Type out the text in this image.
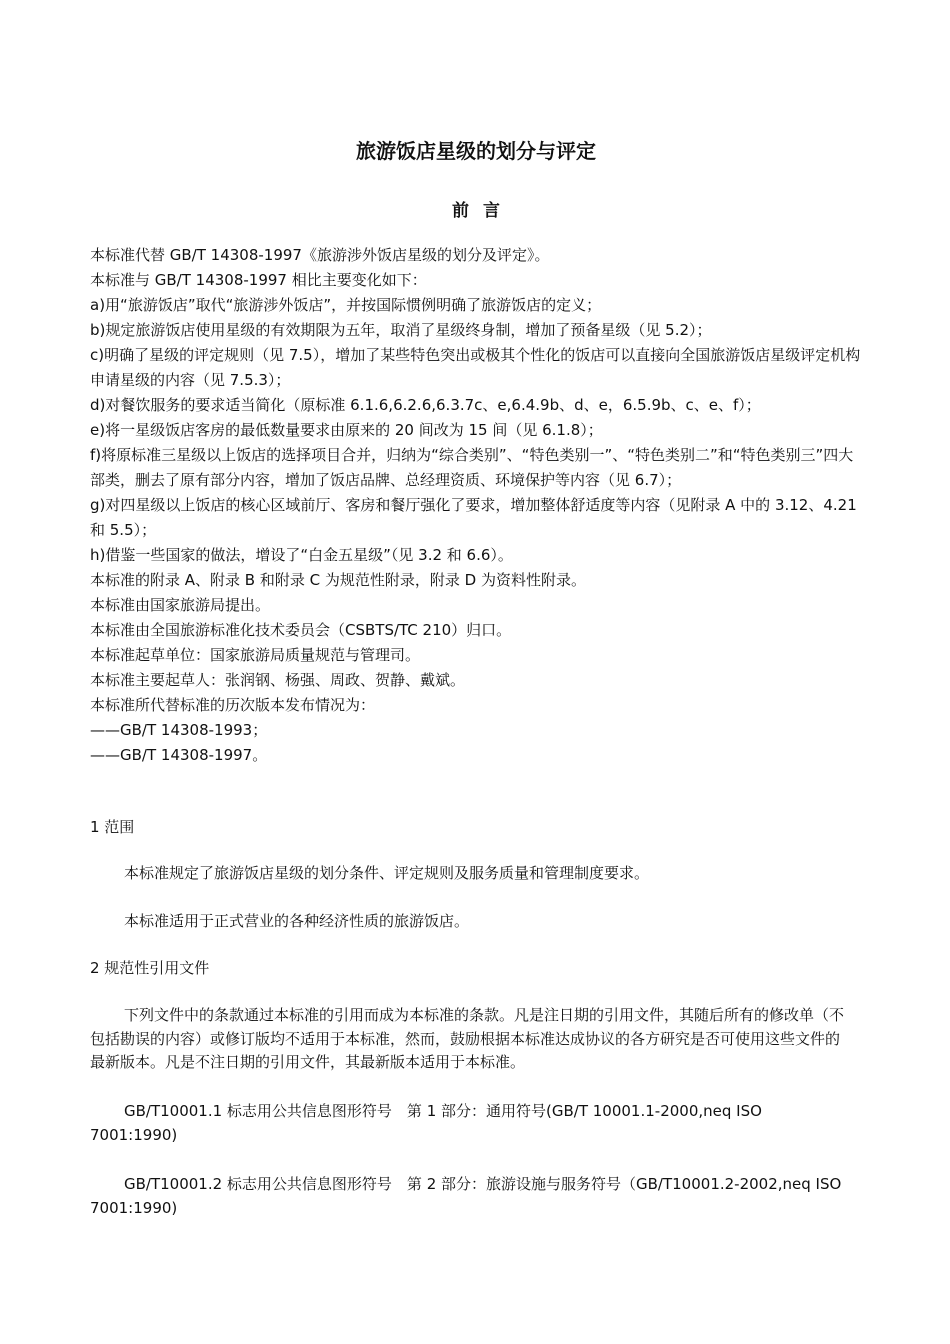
旅游饭店星级的划分与评定
前言

本标准代替 GB/T 14308-1997《旅游涉外饭店星级的划分及评定》。

本标准与 GB/T 14308-1997 相比主要变化如下：

a)用“旅游饭店”取代“旅游涉外饭店”，并按国际惯例明确了旅游饭店的定义；

b)规定旅游饭店使用星级的有效期限为五年，取消了星级终身制，增加了预备星级（见 5.2）；

c)明确了星级的评定规则（见 7.5），增加了某些特色突出或极其个性化的饭店可以直接向全国旅游饭店星级评定机构申请星级的内容（见 7.5.3）；

d)对餐饮服务的要求适当简化（原标准 6.1.6,6.2.6,6.3.7c、e,6.4.9b、d、e，6.5.9b、c、e、f）；

e)将一星级饭店客房的最低数量要求由原来的 20 间改为 15 间（见 6.1.8）；

f)将原标准三星级以上饭店的选择项目合并，归纳为“综合类别”、“特色类别一”、“特色类别二”和“特色类别三”四大部类，删去了原有部分内容，增加了饭店品牌、总经理资质、环境保护等内容（见 6.7）；

g)对四星级以上饭店的核心区域前厅、客房和餐厅强化了要求，增加整体舒适度等内容（见附录 A 中的 3.12、4.21 和 5.5）；

h)借鉴一些国家的做法，增设了“白金五星级”（见 3.2 和 6.6）。

本标准的附录 A、附录 B 和附录 C 为规范性附录，附录 D 为资料性附录。

本标准由国家旅游局提出。

本标准由全国旅游标准化技术委员会（CSBTS/TC 210）归口。

本标准起草单位：国家旅游局质量规范与管理司。

本标准主要起草人：张润钢、杨强、周政、贺静、戴斌。

本标准所代替标准的历次版本发布情况为：

——GB/T 14308-1993；

——GB/T 14308-1997。

1 范围

本标准规定了旅游饭店星级的划分条件、评定规则及服务质量和管理制度要求。

本标准适用于正式营业的各种经济性质的旅游饭店。

2 规范性引用文件

下列文件中的条款通过本标准的引用而成为本标准的条款。凡是注日期的引用文件，其随后所有的修改单（不包括勘误的内容）或修订版均不适用于本标准，然而，鼓励根据本标准达成协议的各方研究是否可使用这些文件的最新版本。凡是不注日期的引用文件，其最新版本适用于本标准。

GB/T10001.1 标志用公共信息图形符号　第 1 部分：通用符号(GB/T 10001.1-2000,neq ISO 7001:1990)

GB/T10001.2 标志用公共信息图形符号　第 2 部分：旅游设施与服务符号（GB/T10001.2-2002,neq ISO 7001:1990)
